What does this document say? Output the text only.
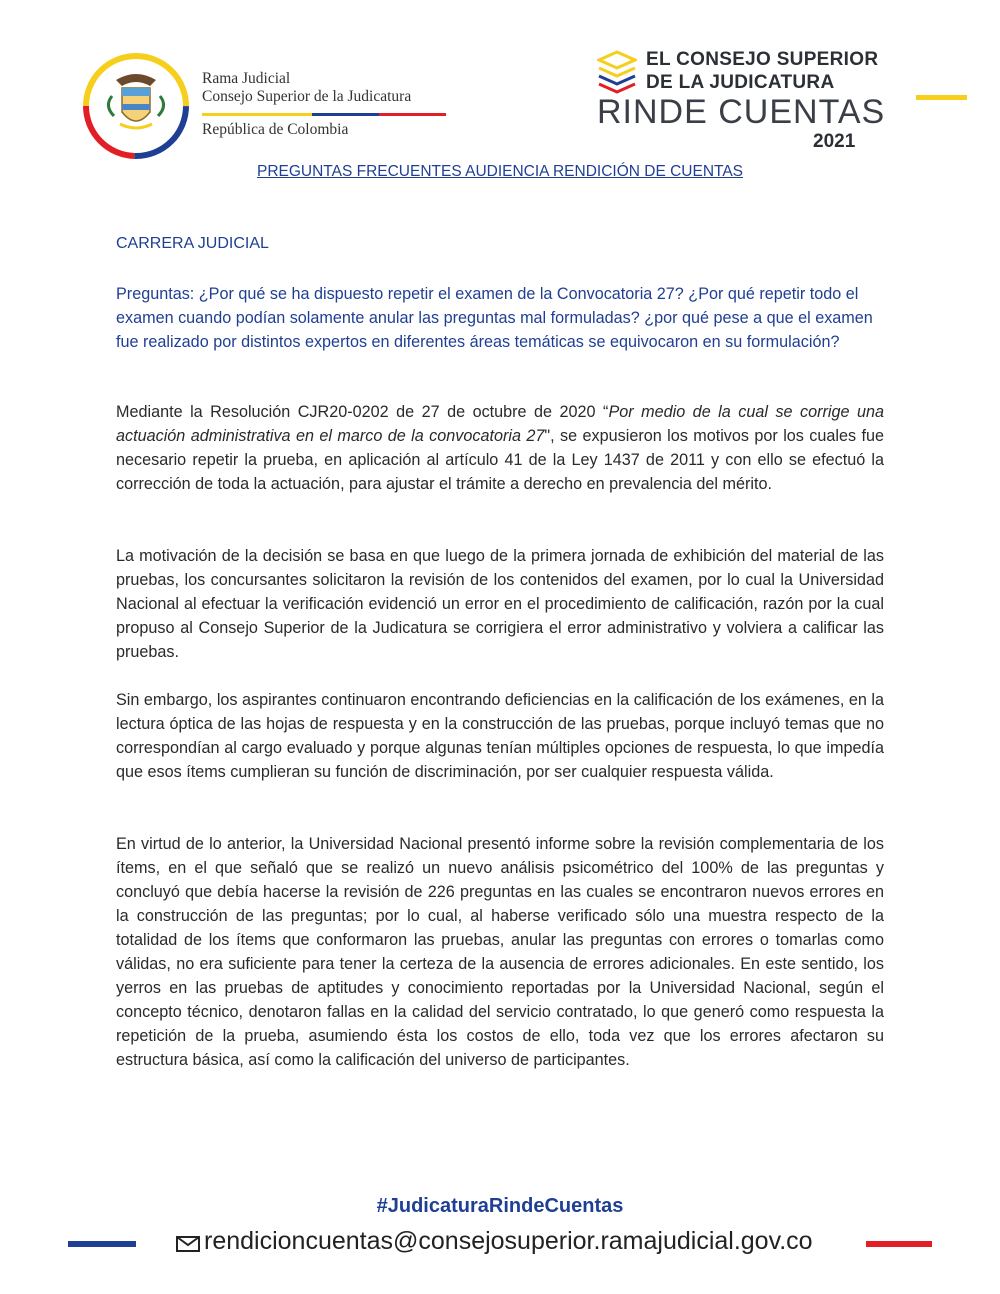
Rama Judicial
Consejo Superior de la Judicatura
República de Colombia
EL CONSEJO SUPERIOR
DE LA JUDICATURA
RINDE CUENTAS
2021
PREGUNTAS FRECUENTES AUDIENCIA RENDICIÓN DE CUENTAS
CARRERA JUDICIAL

Preguntas: ¿Por qué se ha dispuesto repetir el examen de la Convocatoria 27? ¿Por qué repetir todo el examen cuando podían solamente anular las preguntas mal formuladas? ¿por qué pese a que el examen fue realizado por distintos expertos en diferentes áreas temáticas se equivocaron en su formulación?

Mediante la Resolución CJR20-0202 de 27 de octubre de 2020 “Por medio de la cual se corrige una actuación administrativa en el marco de la convocatoria 27", se expusieron los motivos por los cuales fue necesario repetir la prueba, en aplicación al artículo 41 de la Ley 1437 de 2011 y con ello se efectuó la corrección de toda la actuación, para ajustar el trámite a derecho en prevalencia del mérito.

La motivación de la decisión se basa en que luego de la primera jornada de exhibición del material de las pruebas, los concursantes solicitaron la revisión de los contenidos del examen, por lo cual la Universidad Nacional al efectuar la verificación evidenció un error en el procedimiento de calificación, razón por la cual propuso al Consejo Superior de la Judicatura se corrigiera el error administrativo y volviera a calificar las pruebas.

Sin embargo, los aspirantes continuaron encontrando deficiencias en la calificación de los exámenes, en la lectura óptica de las hojas de respuesta y en la construcción de las pruebas, porque incluyó temas que no correspondían al cargo evaluado y porque algunas tenían múltiples opciones de respuesta, lo que impedía que esos ítems cumplieran su función de discriminación, por ser cualquier respuesta válida.

En virtud de lo anterior, la Universidad Nacional presentó informe sobre la revisión complementaria de los ítems, en el que señaló que se realizó un nuevo análisis psicométrico del 100% de las preguntas y concluyó que debía hacerse la revisión de 226 preguntas en las cuales se encontraron nuevos errores en la construcción de las preguntas; por lo cual, al haberse verificado sólo una muestra respecto de la totalidad de los ítems que conformaron las pruebas, anular las preguntas con errores o tomarlas como válidas, no era suficiente para tener la certeza de la ausencia de errores adicionales. En este sentido, los yerros en las pruebas de aptitudes y conocimiento reportadas por la Universidad Nacional, según el concepto técnico, denotaron fallas en la calidad del servicio contratado, lo que generó como respuesta la repetición de la prueba, asumiendo ésta los costos de ello, toda vez que los errores afectaron su estructura básica, así como la calificación del universo de participantes.

#JudicaturaRindeCuentas
rendicioncuentas@consejosuperior.ramajudicial.gov.co
